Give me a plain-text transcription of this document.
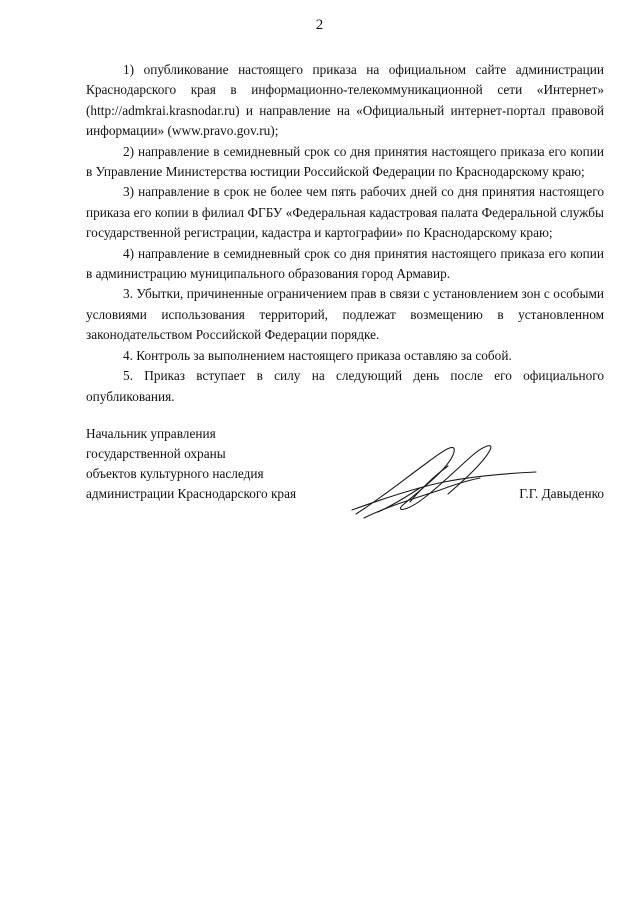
2

1) опубликование настоящего приказа на официальном сайте администрации Краснодарского края в информационно-телекоммуникационной сети «Интернет» (http://admkrai.krasnodar.ru) и направление на «Официальный интернет-портал правовой информации» (www.pravo.gov.ru);

2) направление в семидневный срок со дня принятия настоящего приказа его копии в Управление Министерства юстиции Российской Федерации по Краснодарскому краю;

3) направление в срок не более чем пять рабочих дней со дня принятия настоящего приказа его копии в филиал ФГБУ «Федеральная кадастровая палата Федеральной службы государственной регистрации, кадастра и картографии» по Краснодарскому краю;

4) направление в семидневный срок со дня принятия настоящего приказа его копии в администрацию муниципального образования город Армавир.

3. Убытки, причиненные ограничением прав в связи с установлением зон с особыми условиями использования территорий, подлежат возмещению в установленном законодательством Российской Федерации порядке.

4. Контроль за выполнением настоящего приказа оставляю за собой.

5. Приказ вступает в силу на следующий день после его официального опубликования.

Начальник управления
государственной охраны
объектов культурного наследия
администрации Краснодарского края	Г.Г. Давыденко
